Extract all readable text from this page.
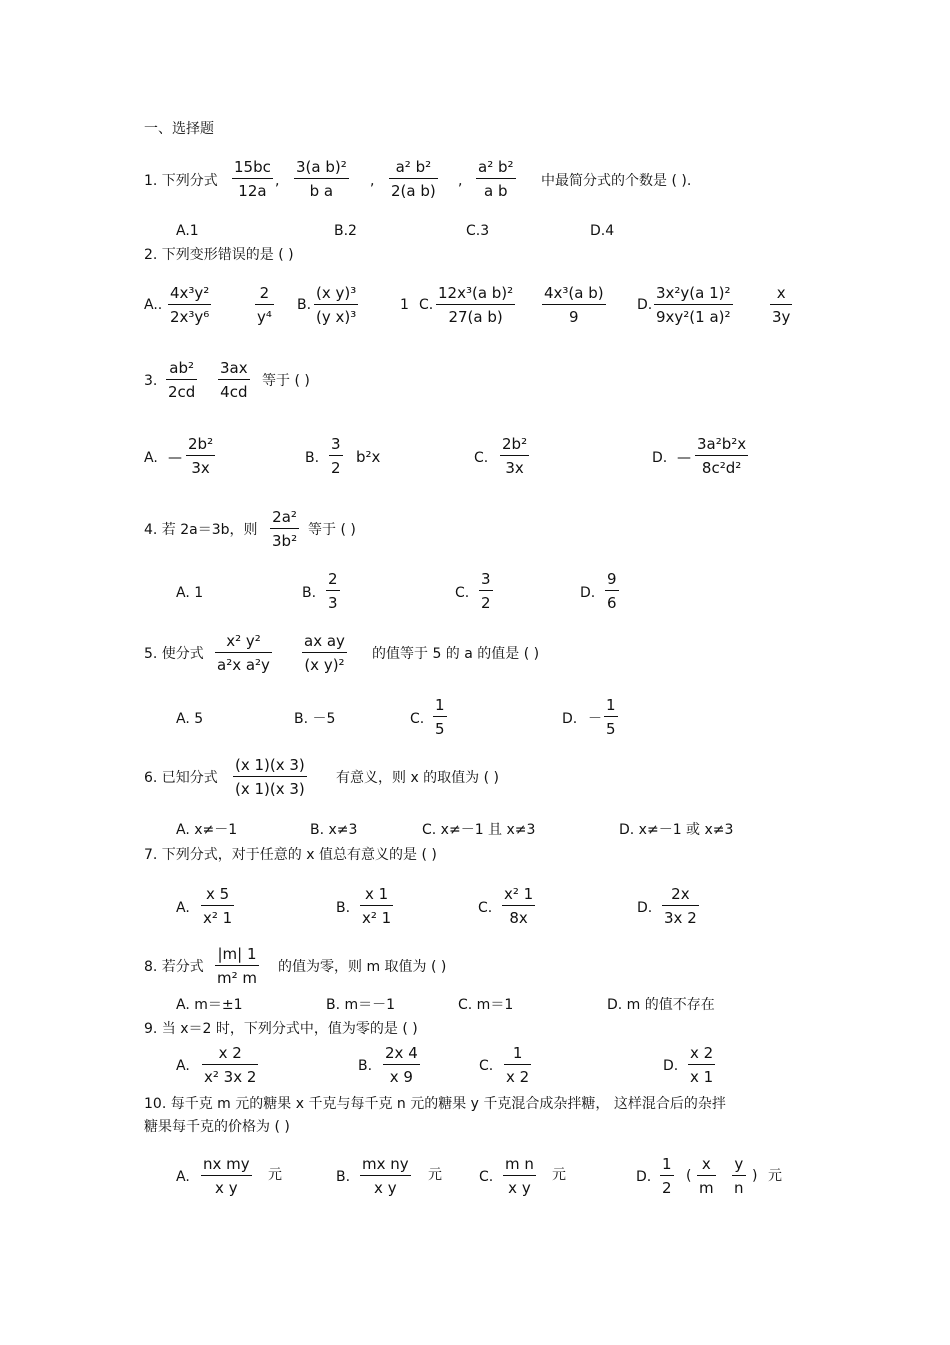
一、选择题
1. 下列分式
15bc
12a
,
3(a b)²
b a
,
a² b²
2(a b)
,
a² b²
a b
中最简分式的个数是 ( ).
A.1	B.2	C.3	D.4
2. 下列变形错误的是 ( )
A..
4x³y²
2x³y⁶
2
y⁴
B.
(x y)³
(y x)³
1 C.
12x³(a b)²
27(a b)
4x³(a b)
9
D.
3x²y(a 1)²
9xy²(1 a)²
x
3y
3.
ab²
2cd
3ax
4cd
等于 ( )
A. —
2b²
3x
B.
3
2
b²x	C.
2b²
3x
D. —
3a²b²x
8c²d²
4. 若 2a＝3b，则
2a²
3b²
等于 ( )
A. 1	B.
2
3
C.
3
2
D.
9
6
5. 使分式
x² y²
a²x a²y
ax ay
(x y)²
的值等于 5 的 a 的值是 ( )
A. 5	B. －5	C.
1
5
D. －
1
5
6. 已知分式
(x 1)(x 3)
(x 1)(x 3)
有意义，则 x 的取值为 ( )
A. x≠－1	B. x≠3	C. x≠－1 且 x≠3	D. x≠－1 或 x≠3
7. 下列分式，对于任意的 x 值总有意义的是 ( )
A.
x 5
x² 1
B.
x 1
x² 1
C.
x² 1
8x
D.
2x
3x 2
8. 若分式
|m| 1
m² m
的值为零，则 m 取值为 ( )
A. m＝±1	B. m＝－1	C. m＝1	D. m 的值不存在
9. 当 x＝2 时，下列分式中，值为零的是 ( )
A.
x 2
x² 3x 2
B.
2x 4
x 9
C.
1
x 2
D.
x 2
x 1
10. 每千克 m 元的糖果 x 千克与每千克 n 元的糖果 y 千克混合成杂拌糖， 这样混合后的杂拌
糖果每千克的价格为 ( )
A.
nx my
x y
元	B.
mx ny
x y
元	C.
m n
x y
元	D.
1
2
(
x
m
y
n
) 元
